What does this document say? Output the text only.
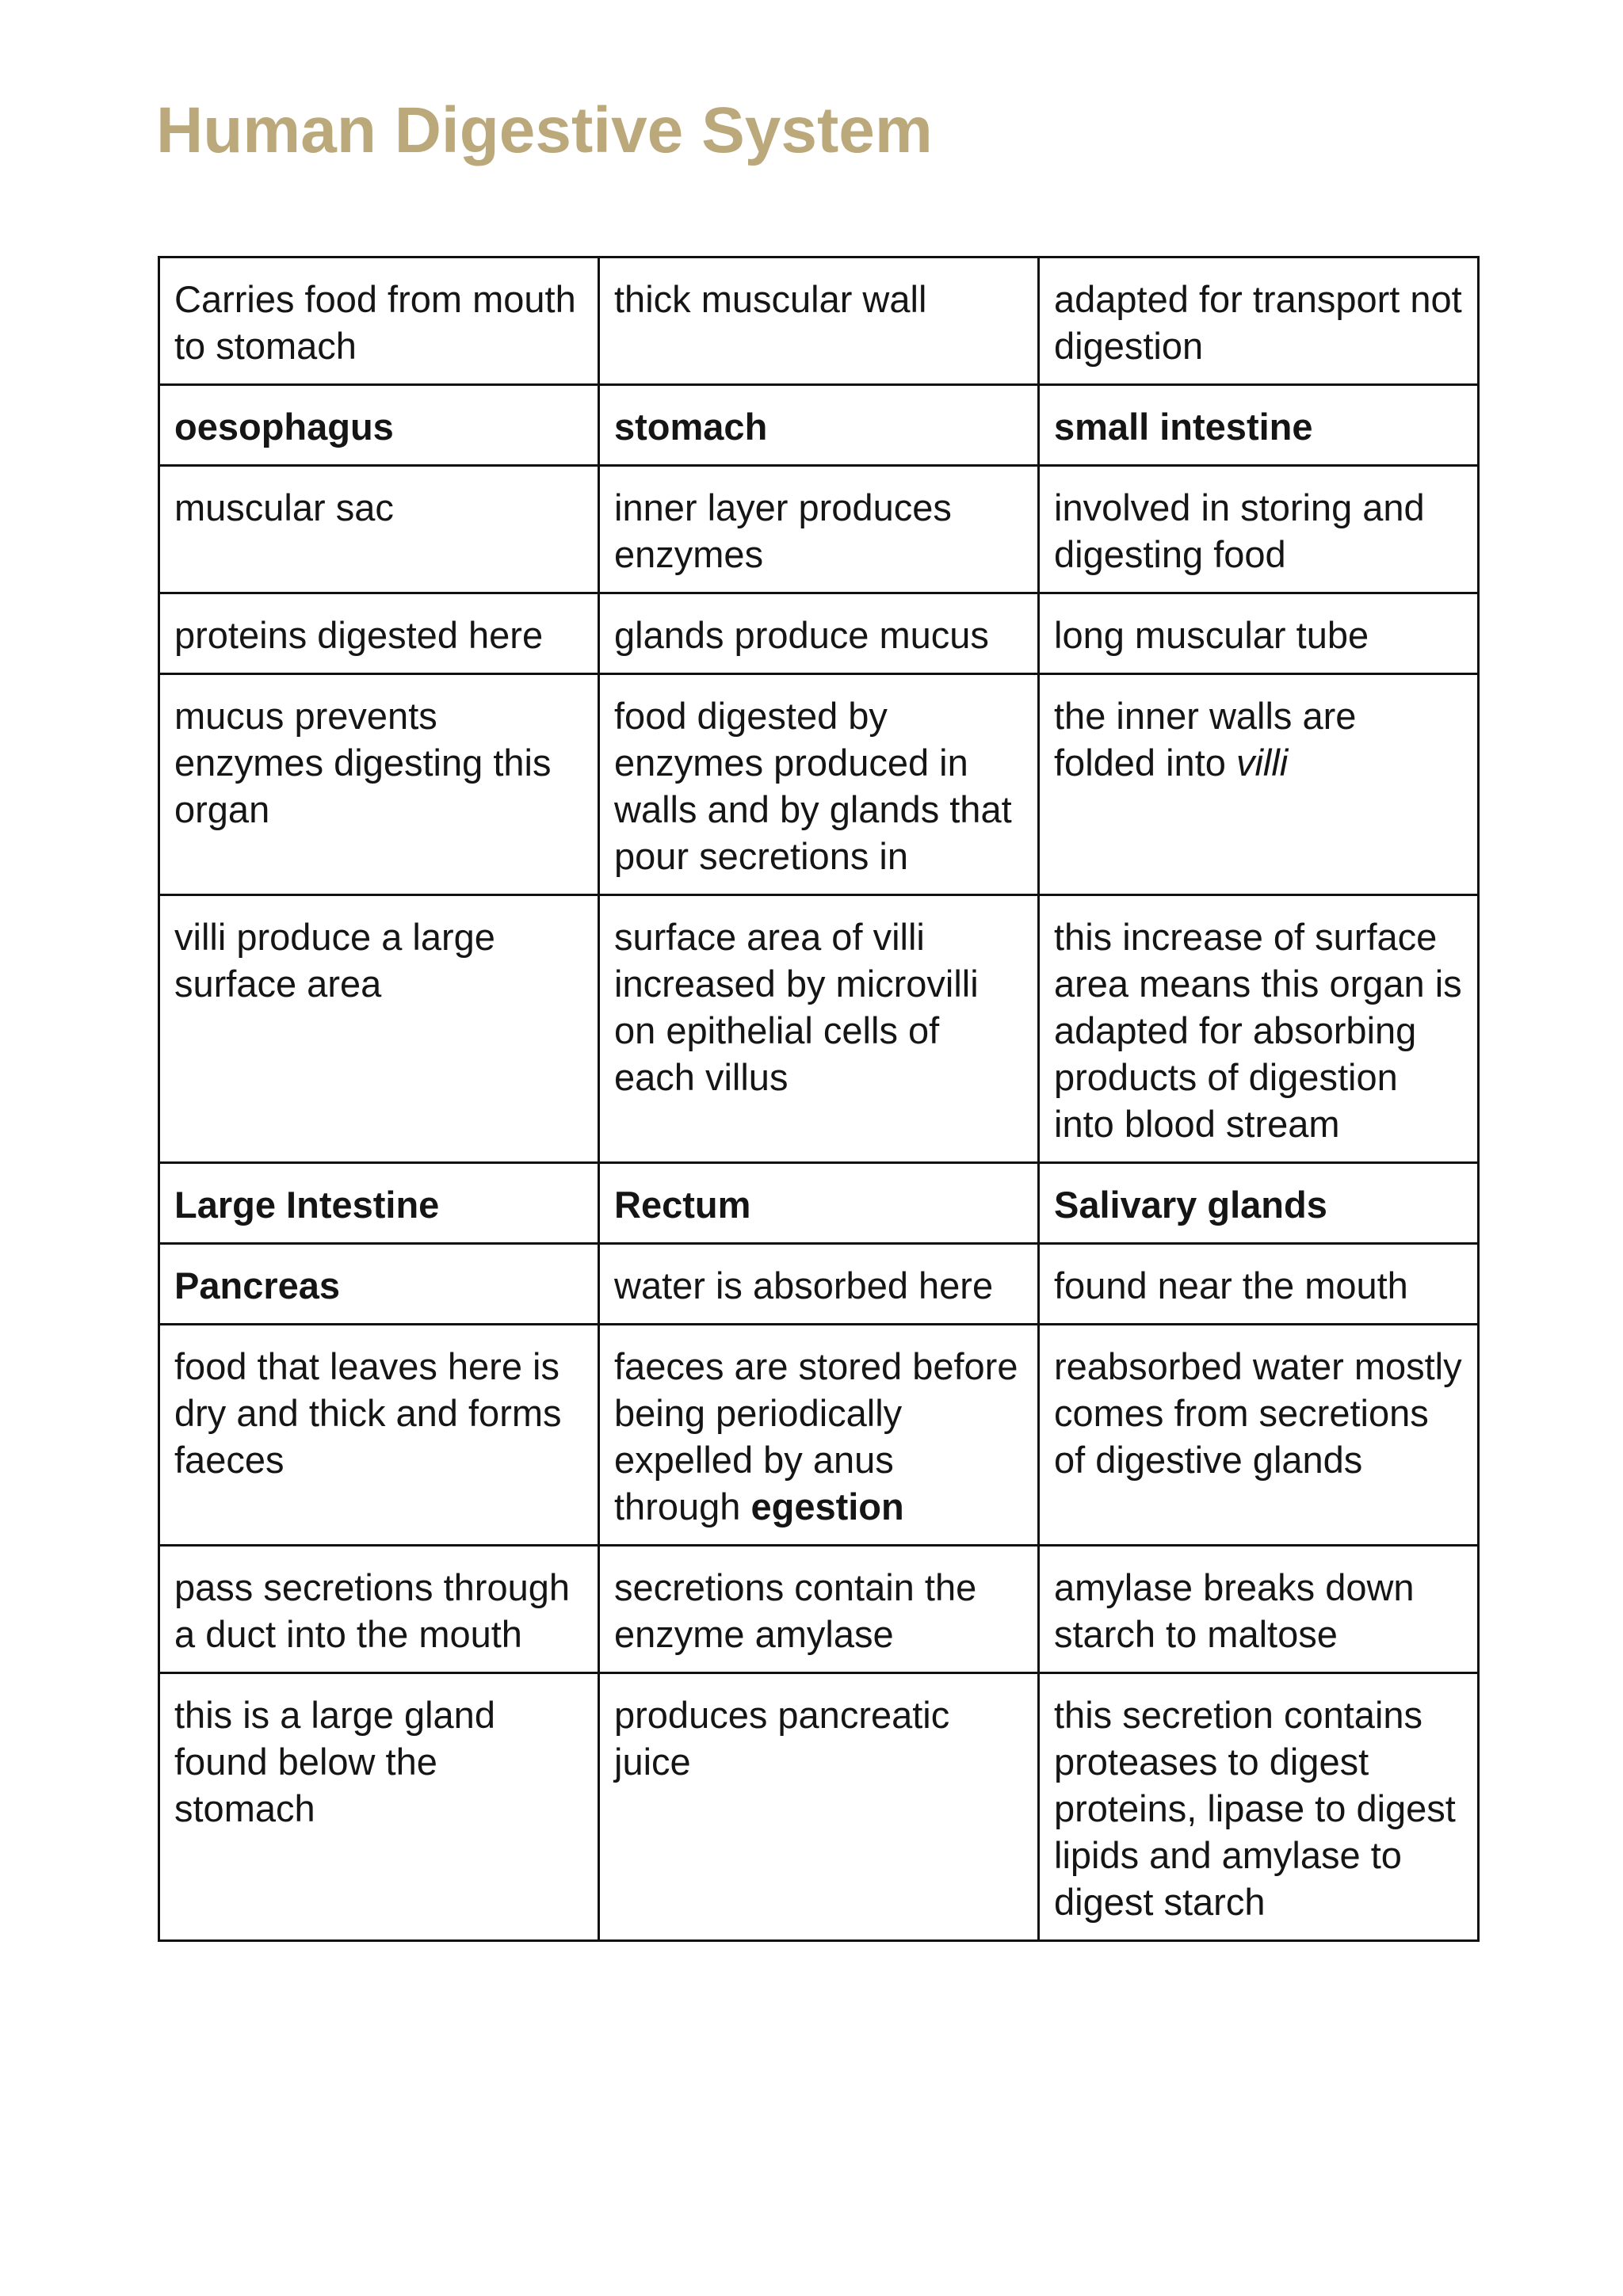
Human Digestive System
Carries food from mouth to stomach	thick muscular wall	adapted for transport not digestion
oesophagus	stomach	small intestine
muscular sac	inner layer produces enzymes	involved in storing and digesting food
proteins digested here	glands produce mucus	long muscular tube
mucus prevents enzymes digesting this organ	food digested by enzymes produced in walls and by glands that pour secretions in	the inner walls are folded into villi
villi produce a large surface area	surface area of villi increased by microvilli on epithelial cells of each villus	this increase of surface area means this organ is adapted for absorbing products of digestion into blood stream
Large Intestine	Rectum	Salivary glands
Pancreas	water is absorbed here	found near the mouth
food that leaves here is dry and thick and forms faeces	faeces are stored before being periodically expelled by anus through egestion	reabsorbed water mostly comes from secretions of digestive glands
pass secretions through a duct into the mouth	secretions contain the enzyme amylase	amylase breaks down starch to maltose
this is a large gland found below the stomach	produces pancreatic juice	this secretion contains proteases to digest proteins, lipase to digest lipids and amylase to digest starch
